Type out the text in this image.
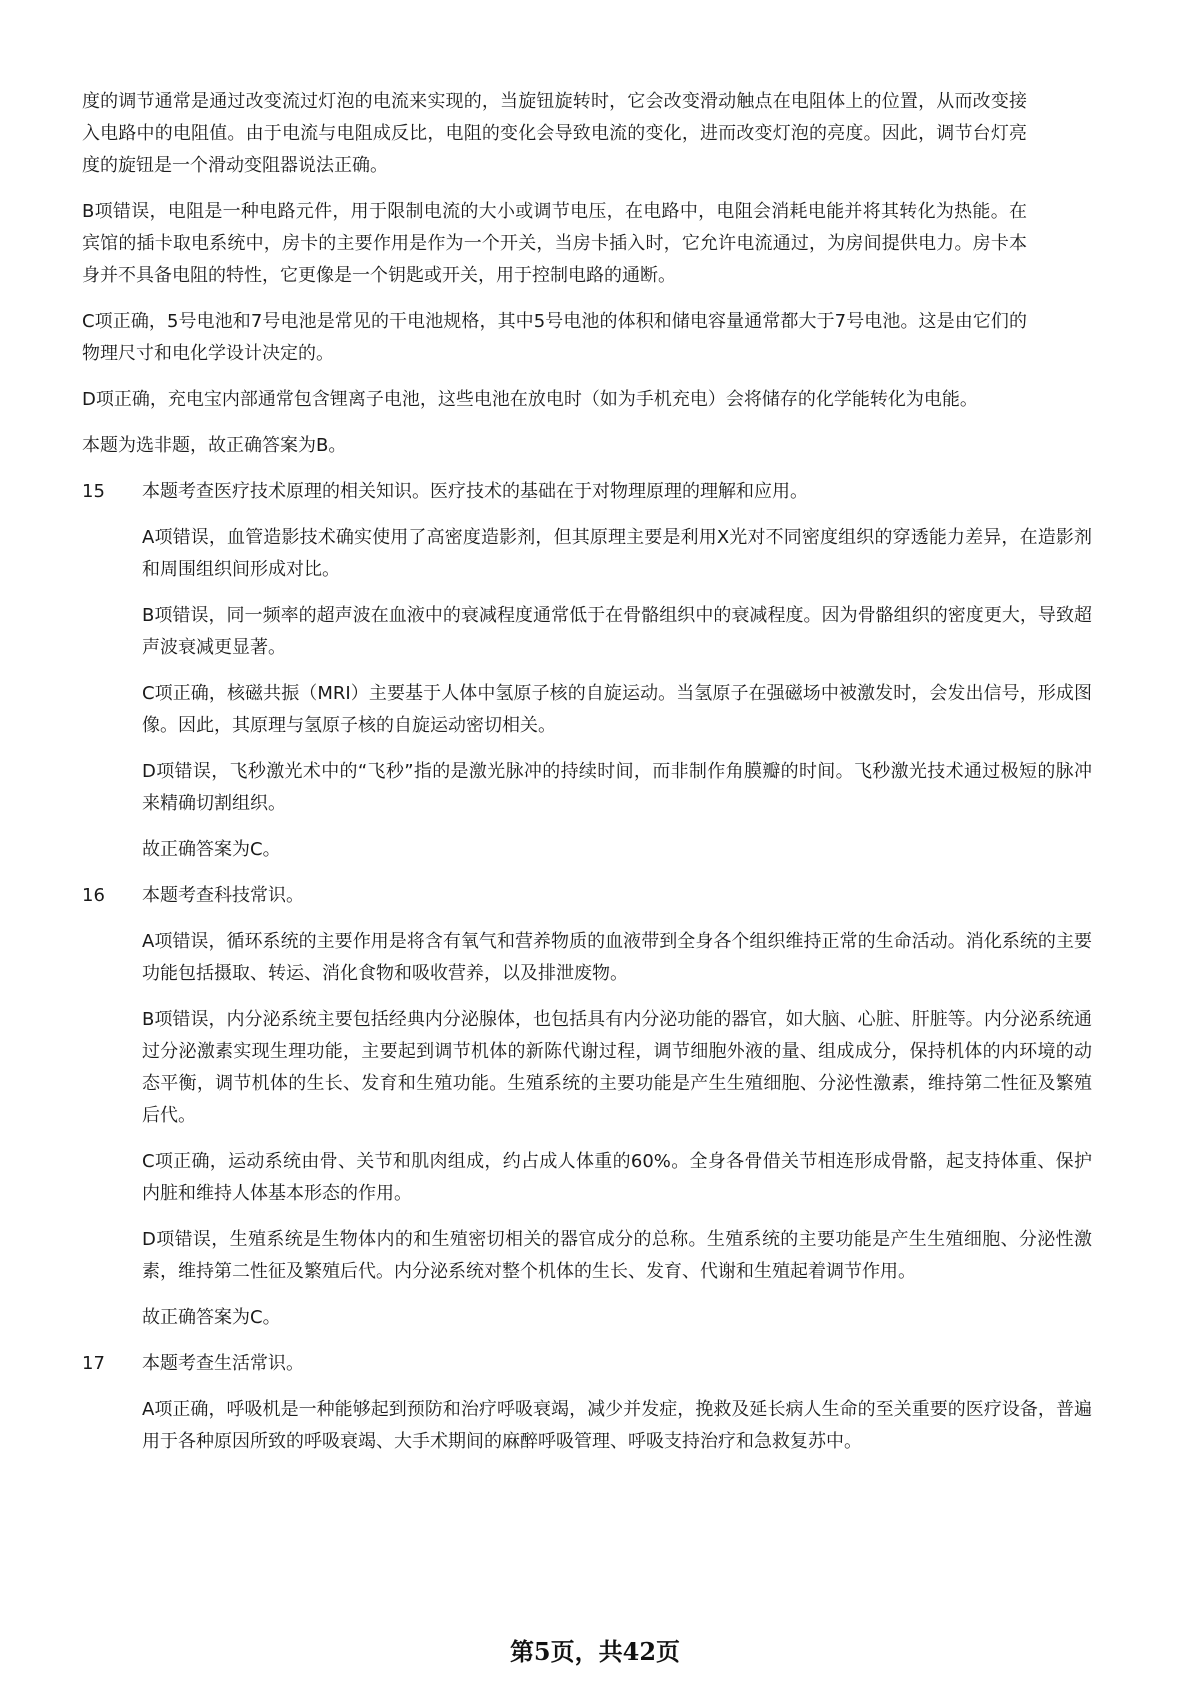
度的调节通常是通过改变流过灯泡的电流来实现的，当旋钮旋转时，它会改变滑动触点在电阻体上的位置，从而改变接入电路中的电阻值。由于电流与电阻成反比，电阻的变化会导致电流的变化，进而改变灯泡的亮度。因此，调节台灯亮度的旋钮是一个滑动变阻器说法正确。

B项错误，电阻是一种电路元件，用于限制电流的大小或调节电压，在电路中，电阻会消耗电能并将其转化为热能。在宾馆的插卡取电系统中，房卡的主要作用是作为一个开关，当房卡插入时，它允许电流通过，为房间提供电力。房卡本身并不具备电阻的特性，它更像是一个钥匙或开关，用于控制电路的通断。

C项正确，5号电池和7号电池是常见的干电池规格，其中5号电池的体积和储电容量通常都大于7号电池。这是由它们的物理尺寸和电化学设计决定的。

D项正确，充电宝内部通常包含锂离子电池，这些电池在放电时（如为手机充电）会将储存的化学能转化为电能。

本题为选非题，故正确答案为B。

15	本题考查医疗技术原理的相关知识。医疗技术的基础在于对物理原理的理解和应用。

A项错误，血管造影技术确实使用了高密度造影剂，但其原理主要是利用X光对不同密度组织的穿透能力差异，在造影剂和周围组织间形成对比。

B项错误，同一频率的超声波在血液中的衰减程度通常低于在骨骼组织中的衰减程度。因为骨骼组织的密度更大，导致超声波衰减更显著。

C项正确，核磁共振（MRI）主要基于人体中氢原子核的自旋运动。当氢原子在强磁场中被激发时，会发出信号，形成图像。因此，其原理与氢原子核的自旋运动密切相关。

D项错误，飞秒激光术中的“飞秒”指的是激光脉冲的持续时间，而非制作角膜瓣的时间。飞秒激光技术通过极短的脉冲来精确切割组织。

故正确答案为C。

16	本题考查科技常识。

A项错误，循环系统的主要作用是将含有氧气和营养物质的血液带到全身各个组织维持正常的生命活动。消化系统的主要功能包括摄取、转运、消化食物和吸收营养，以及排泄废物。

B项错误，内分泌系统主要包括经典内分泌腺体，也包括具有内分泌功能的器官，如大脑、心脏、肝脏等。内分泌系统通过分泌激素实现生理功能，主要起到调节机体的新陈代谢过程，调节细胞外液的量、组成成分，保持机体的内环境的动态平衡，调节机体的生长、发育和生殖功能。生殖系统的主要功能是产生生殖细胞、分泌性激素，维持第二性征及繁殖后代。

C项正确，运动系统由骨、关节和肌肉组成，约占成人体重的60%。全身各骨借关节相连形成骨骼，起支持体重、保护内脏和维持人体基本形态的作用。

D项错误，生殖系统是生物体内的和生殖密切相关的器官成分的总称。生殖系统的主要功能是产生生殖细胞、分泌性激素，维持第二性征及繁殖后代。内分泌系统对整个机体的生长、发育、代谢和生殖起着调节作用。

故正确答案为C。

17	本题考查生活常识。

A项正确，呼吸机是一种能够起到预防和治疗呼吸衰竭，减少并发症，挽救及延长病人生命的至关重要的医疗设备，普遍用于各种原因所致的呼吸衰竭、大手术期间的麻醉呼吸管理、呼吸支持治疗和急救复苏中。

第5页，共42页
